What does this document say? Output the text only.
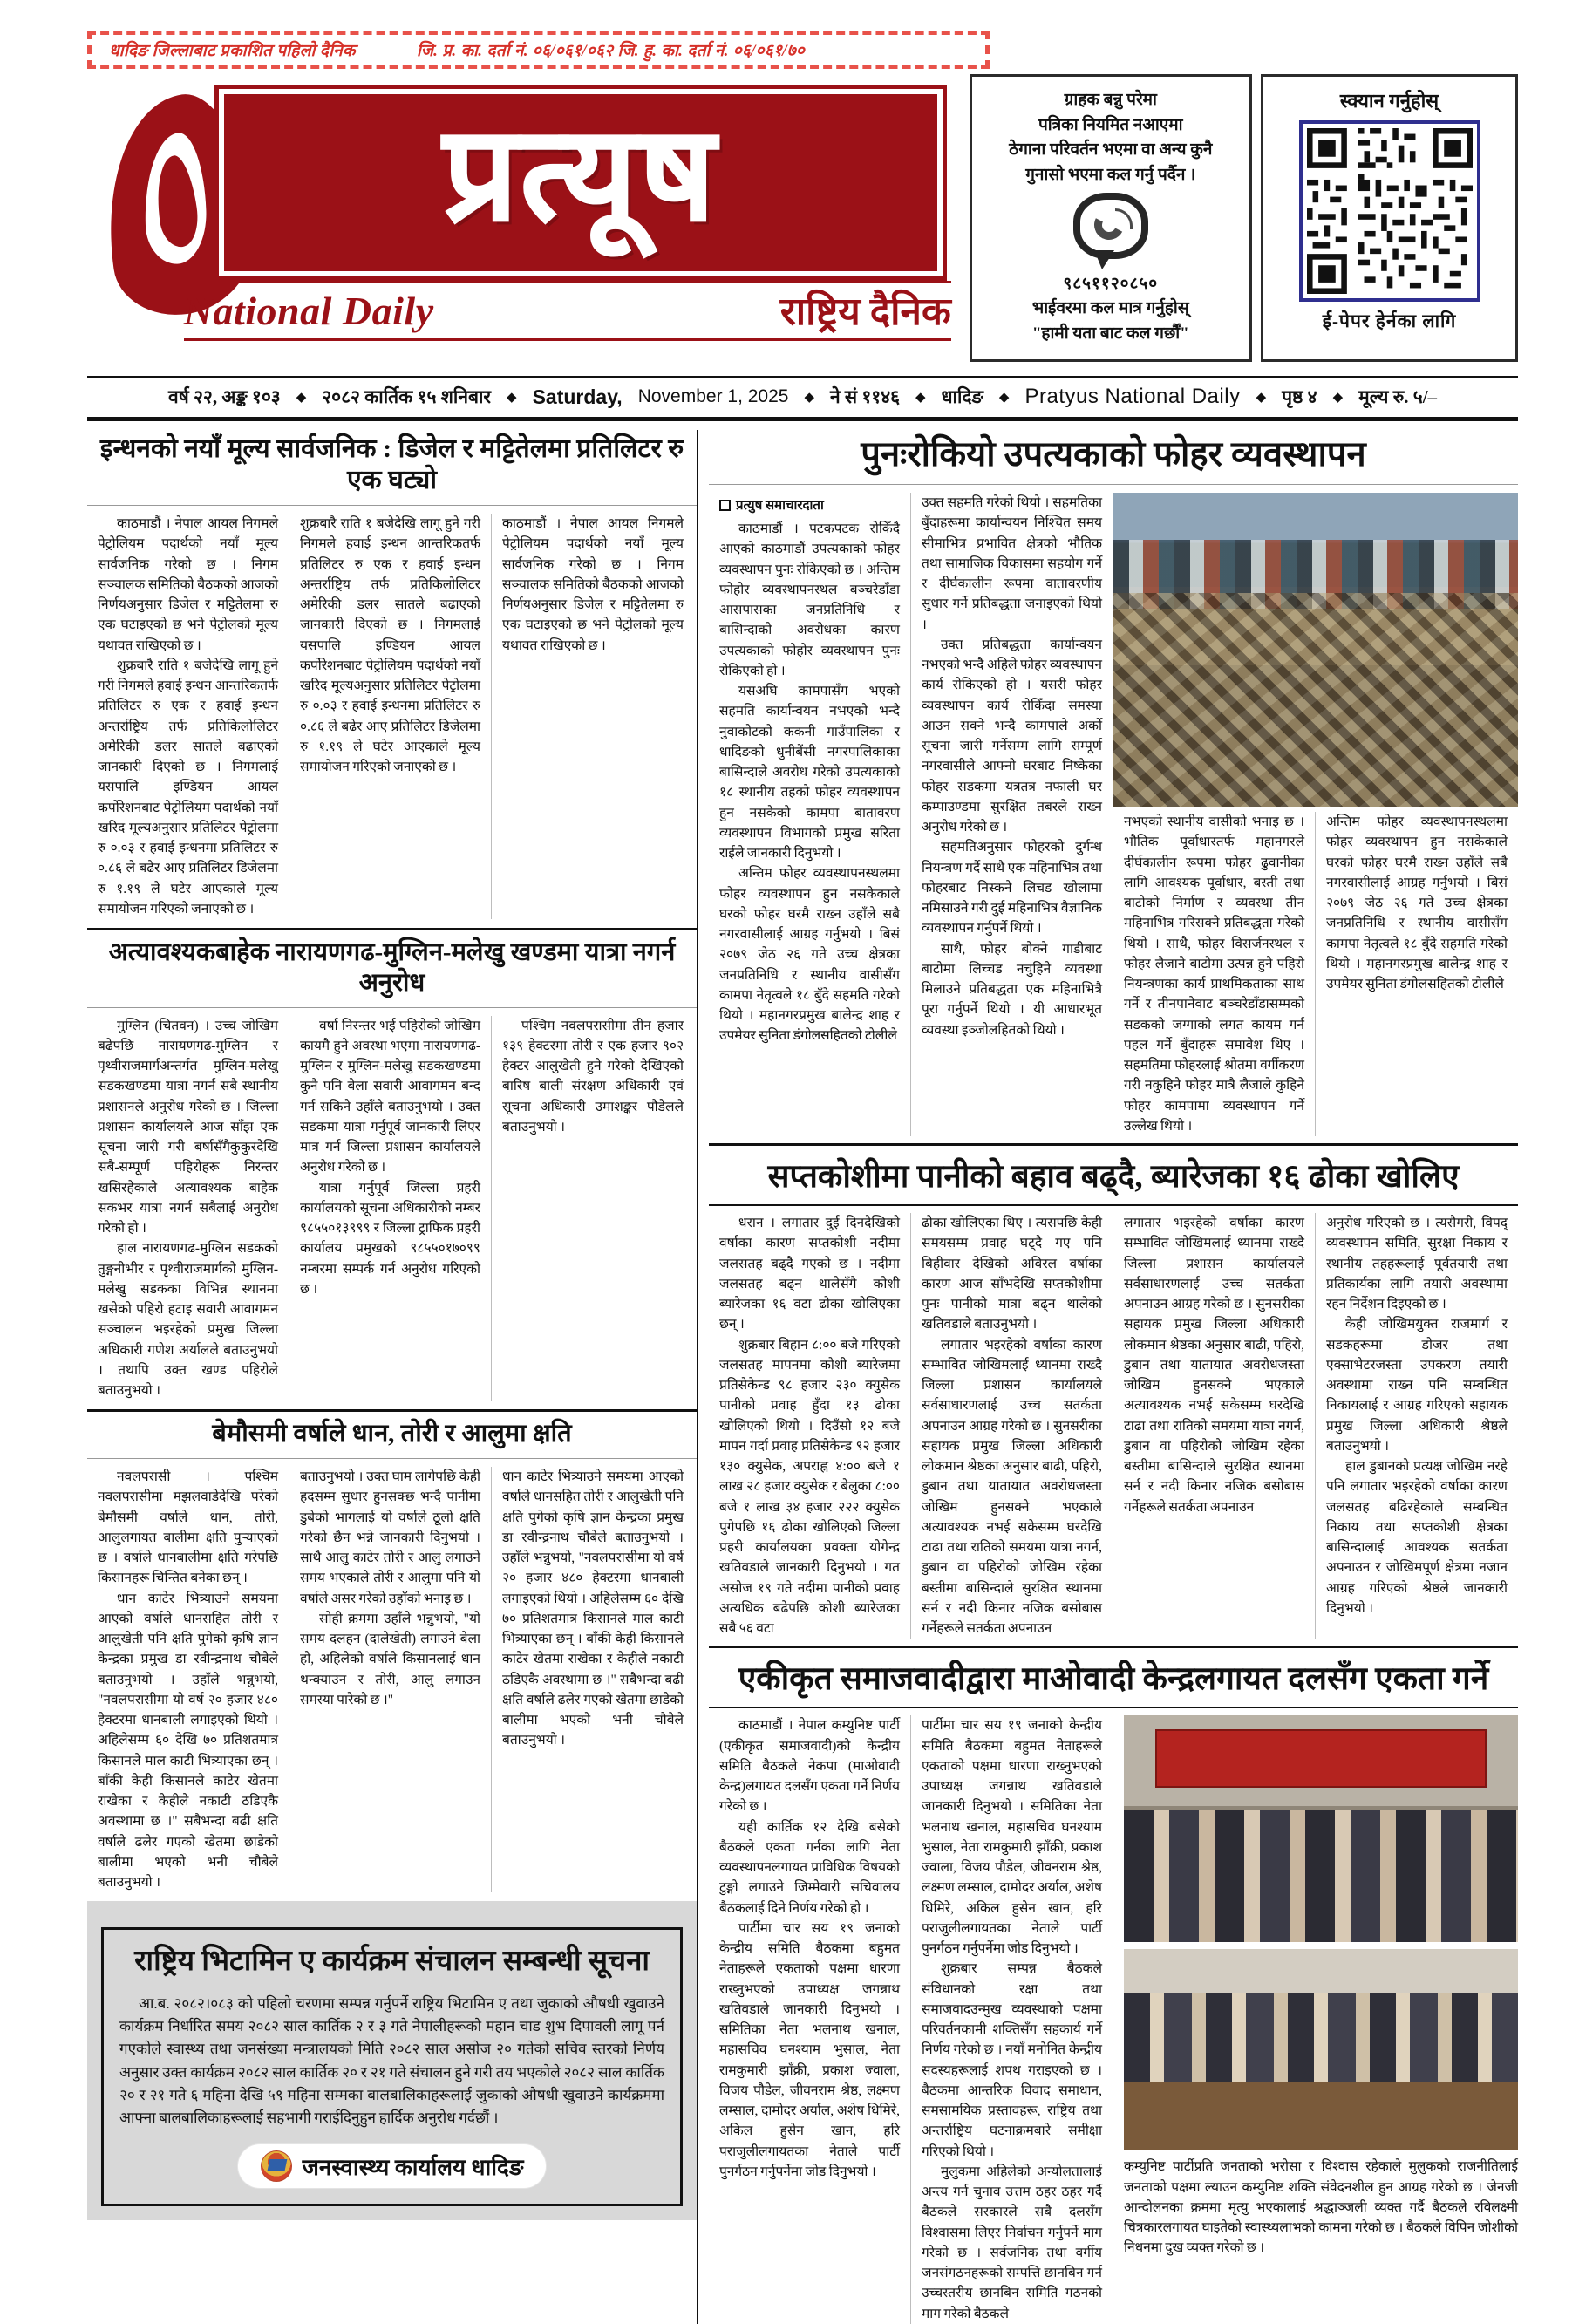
धादिङ जिल्लाबाट प्रकाशित पहिलो दैनिक	जि. प्र. का. दर्ता नं. ०६/०६१/०६२ जि. हु. का. दर्ता नं. ०६/०६१/७०
प्रत्यूष
National Daily	राष्ट्रिय दैनिक

ग्राहक बन्नु परेमा

पत्रिका नियमित नआएमा

ठेगाना परिवर्तन भएमा वा अन्य कुनै

गुनासो भएमा कल गर्नु पर्दैन ।

९८५११२०८५०

भाईवरमा कल मात्र गर्नुहोस्

"हामी यता बाट कल गर्छौं"

स्क्यान गर्नुहोस्
ई-पेपर हेर्नका लागि
वर्ष २२, अङ्क १०३ ◆ २०८२ कार्तिक १५ शनिबार ◆ Saturday, November 1, 2025 ◆ ने सं ११४६ ◆ धादिङ ◆ Pratyus National Daily ◆ पृष्ठ ४ ◆ मूल्य रु. ५/–
इन्धनको नयाँ मूल्य सार्वजनिक : डिजेल र मट्टितेलमा प्रतिलिटर रु एक घट्यो

काठमाडौं । नेपाल आयल निगमले पेट्रोलियम पदार्थको नयाँ मूल्य सार्वजनिक गरेको छ । निगम सञ्चालक समितिको बैठकको आजको निर्णयअनुसार डिजेल र मट्टितेलमा रु एक घटाइएको छ भने पेट्रोलको मूल्य यथावत राखिएको छ ।

शुक्रबारै राति १ बजेदेखि लागू हुने गरी निगमले हवाई इन्धन आन्तरिकतर्फ प्रतिलिटर रु एक र हवाई इन्धन अन्तर्राष्ट्रिय तर्फ प्रतिकिलोलिटर अमेरिकी डलर सातले बढाएको जानकारी दिएको छ । निगमलाई यसपालि इण्डियन आयल कर्पोरेशनबाट पेट्रोलियम पदार्थको नयाँ खरिद मूल्यअनुसार प्रतिलिटर पेट्रोलमा रु ०.०३ र हवाई इन्धनमा प्रतिलिटर रु ०.८६ ले बढेर आए प्रतिलिटर डिजेलमा रु १.१९ ले घटेर आएकाले मूल्य समायोजन गरिएको जनाएको छ ।

शुक्रबारै राति १ बजेदेखि लागू हुने गरी निगमले हवाई इन्धन आन्तरिकतर्फ प्रतिलिटर रु एक र हवाई इन्धन अन्तर्राष्ट्रिय तर्फ प्रतिकिलोलिटर अमेरिकी डलर सातले बढाएको जानकारी दिएको छ । निगमलाई यसपालि इण्डियन आयल कर्पोरेशनबाट पेट्रोलियम पदार्थको नयाँ खरिद मूल्यअनुसार प्रतिलिटर पेट्रोलमा रु ०.०३ र हवाई इन्धनमा प्रतिलिटर रु ०.८६ ले बढेर आए प्रतिलिटर डिजेलमा रु १.१९ ले घटेर आएकाले मूल्य समायोजन गरिएको जनाएको छ ।

काठमाडौं । नेपाल आयल निगमले पेट्रोलियम पदार्थको नयाँ मूल्य सार्वजनिक गरेको छ । निगम सञ्चालक समितिको बैठकको आजको निर्णयअनुसार डिजेल र मट्टितेलमा रु एक घटाइएको छ भने पेट्रोलको मूल्य यथावत राखिएको छ ।

अत्यावश्यकबाहेक नारायणगढ-मुग्लिन-मलेखु खण्डमा यात्रा नगर्न अनुरोध

मुग्लिन (चितवन) । उच्च जोखिम बढेपछि नारायणगढ-मुग्लिन र पृथ्वीराजमार्गअन्तर्गत मुग्लिन-मलेखु सडकखण्डमा यात्रा नगर्न सबै स्थानीय प्रशासनले अनुरोध गरेको छ । जिल्ला प्रशासन कार्यालयले आज साँझ एक सूचना जारी गरी बर्षासँगैकुकुरदेखि सबै-सम्पूर्ण पहिरोहरू निरन्तर खसिरहेकाले अत्यावश्यक बाहेक सकभर यात्रा नगर्न सबैलाई अनुरोध गरेको हो ।

हाल नारायणगढ-मुग्लिन सडकको तुङ्गनीभीर र पृथ्वीराजमार्गको मुग्लिन-मलेखु सडकका विभिन्न स्थानमा खसेको पहिरो हटाइ सवारी आवागमन सञ्चालन भइरहेको प्रमुख जिल्ला अधिकारी गणेश अर्यालले बताउनुभयो । तथापि उक्त खण्ड पहिरोले बताउनुभयो ।

वर्षा निरन्तर भई पहिरोको जोखिम कायमै हुने अवस्था भएमा नारायणगढ-मुग्लिन र मुग्लिन-मलेखु सडकखण्डमा कुनै पनि बेला सवारी आवागमन बन्द गर्न सकिने उहाँले बताउनुभयो । उक्त सडकमा यात्रा गर्नुपूर्व जानकारी लिएर मात्र गर्न जिल्ला प्रशासन कार्यालयले अनुरोध गरेको छ ।

यात्रा गर्नुपूर्व जिल्ला प्रहरी कार्यालयको सूचना अधिकारीको नम्बर ९८५५०१३९९९ र जिल्ला ट्राफिक प्रहरी कार्यालय प्रमुखको ९८५५०१७०९९ नम्बरमा सम्पर्क गर्न अनुरोध गरिएको छ ।

पश्चिम नवलपरासीमा तीन हजार १३९ हेक्टरमा तोरी र एक हजार ९०२ हेक्टर आलुखेती हुने गरेको देखिएको बारिष बाली संरक्षण अधिकारी एवं सूचना अधिकारी उमाशङ्कर पौडेलले बताउनुभयो ।

बेमौसमी वर्षाले धान, तोरी र आलुमा क्षति

नवलपरासी । पश्चिम नवलपरासीमा मझलवाडेदेखि परेको बेमौसमी वर्षाले धान, तोरी, आलुलगायत बालीमा क्षति पुऱ्याएको छ । वर्षाले धानबालीमा क्षति गरेपछि किसानहरू चिन्तित बनेका छन् ।

धान काटेर भित्र्याउने समयमा आएको वर्षाले धानसहित तोरी र आलुखेती पनि क्षति पुगेको कृषि ज्ञान केन्द्रका प्रमुख डा रवीन्द्रनाथ चौबेले बताउनुभयो । उहाँले भन्नुभयो, "नवलपरासीमा यो वर्ष २० हजार ४८० हेक्टरमा धानबाली लगाइएको थियो । अहिलेसम्म ६० देखि ७० प्रतिशतमात्र किसानले माल काटी भित्र्याएका छन् । बाँकी केही किसानले काटेर खेतमा राखेका र केहीले नकाटी ठडिएकै अवस्थामा छ ।" सबैभन्दा बढी क्षति वर्षाले ढलेर गएको खेतमा छाडेको बालीमा भएको भनी चौबेले बताउनुभयो ।

बताउनुभयो । उक्त घाम लागेपछि केही हदसम्म सुधार हुनसक्छ भन्दै पानीमा डुबेको भागलाई यो वर्षाले ठूलो क्षति गरेको छैन भन्ने जानकारी दिनुभयो । साथै आलु काटेर तोरी र आलु लगाउने समय भएकाले तोरी र आलुमा पनि यो वर्षाले असर गरेको उहाँको भनाइ छ ।

सोही क्रममा उहाँले भन्नुभयो, "यो समय दलहन (दालेखेती) लगाउने बेला हो, अहिलेको वर्षाले किसानलाई धान थन्क्याउन र तोरी, आलु लगाउन समस्या पारेको छ ।"

धान काटेर भित्र्याउने समयमा आएको वर्षाले धानसहित तोरी र आलुखेती पनि क्षति पुगेको कृषि ज्ञान केन्द्रका प्रमुख डा रवीन्द्रनाथ चौबेले बताउनुभयो । उहाँले भन्नुभयो, "नवलपरासीमा यो वर्ष २० हजार ४८० हेक्टरमा धानबाली लगाइएको थियो । अहिलेसम्म ६० देखि ७० प्रतिशतमात्र किसानले माल काटी भित्र्याएका छन् । बाँकी केही किसानले काटेर खेतमा राखेका र केहीले नकाटी ठडिएकै अवस्थामा छ ।" सबैभन्दा बढी क्षति वर्षाले ढलेर गएको खेतमा छाडेको बालीमा भएको भनी चौबेले बताउनुभयो ।

राष्ट्रिय भिटामिन ए कार्यक्रम संचालन सम्बन्धी सूचना

आ.ब. २०८२।०८३ को पहिलो चरणमा सम्पन्न गर्नुपर्ने राष्ट्रिय भिटामिन ए तथा जुकाको औषधी खुवाउने कार्यक्रम निर्धारित समय २०८२ साल कार्तिक २ र ३ गते नेपालीहरूको महान चाड शुभ दिपावली लागू पर्न गएकोले स्वास्थ्य तथा जनसंख्या मन्त्रालयको मिति २०८२ साल असोज २० गतेको सचिव स्तरको निर्णय अनुसार उक्त कार्यक्रम २०८२ साल कार्तिक २० र २१ गते संचालन हुने गरी तय भएकोले २०८२ साल कार्तिक २० र २१ गते ६ महिना देखि ५९ महिना सम्मका बालबालिकाहरूलाई जुकाको औषधी खुवाउने कार्यक्रममा आफ्ना बालबालिकाहरूलाई सहभागी गराईदिनुहुन हार्दिक अनुरोध गर्दछौं ।

जनस्वास्थ्य कार्यालय धादिङ
पुनःरोकियो उपत्यकाको फोहर व्यवस्थापन
प्रत्युष समाचारदाता

काठमाडौं । पटकपटक रोकिँदै आएको काठमाडौं उपत्यकाको फोहर व्यवस्थापन पुनः रोकिएको छ । अन्तिम फोहोर व्यवस्थापनस्थल बञ्चरेडाँडा आसपासका जनप्रतिनिधि र बासिन्दाको अवरोधका कारण उपत्यकाको फोहोर व्यवस्थापन पुनः रोकिएको हो ।

यसअघि कामपासँग भएको सहमति कार्यान्वयन नभएको भन्दै नुवाकोटको ककनी गाउँपालिका र धादिङको धुनीबेंसी नगरपालिकाका बासिन्दाले अवरोध गरेको उपत्यकाको १८ स्थानीय तहको फोहर व्यवस्थापन हुन नसकेको कामपा बातावरण व्यवस्थापन विभागको प्रमुख सरिता राईले जानकारी दिनुभयो ।

अन्तिम फोहर व्यवस्थापनस्थलमा फोहर व्यवस्थापन हुन नसकेकाले घरको फोहर घरमै राख्न उहाँले सबै नगरवासीलाई आग्रह गर्नुभयो । बिसं २०७९ जेठ २६ गते उच्च क्षेत्रका जनप्रतिनिधि र स्थानीय वासीसँग कामपा नेतृत्वले १८ बुँदे सहमति गरेको थियो । महानगरप्रमुख बालेन्द्र शाह र उपमेयर सुनिता डंगोलसहितको टोलीले

उक्त सहमति गरेको थियो । सहमतिका बुँदाहरूमा कार्यान्वयन निश्चित समय सीमाभित्र प्रभावित क्षेत्रको भौतिक तथा सामाजिक विकासमा सहयोग गर्ने र दीर्घकालीन रूपमा वातावरणीय सुधार गर्ने प्रतिबद्धता जनाइएको थियो ।

उक्त प्रतिबद्धता कार्यान्वयन नभएको भन्दै अहिले फोहर व्यवस्थापन कार्य रोकिएको हो । यसरी फोहर व्यवस्थापन कार्य रोकिँदा समस्या आउन सक्ने भन्दै कामपाले अर्को सूचना जारी गर्नेसम्म लागि सम्पूर्ण नगरवासीले आफ्नो घरबाट निष्केका फोहर सडकमा यत्रतत्र नफाली घर कम्पाउण्डमा सुरक्षित तबरले राख्न अनुरोध गरेको छ ।

सहमतिअनुसार फोहरको दुर्गन्ध नियन्त्रण गर्दै साथै एक महिनाभित्र तथा फोहरबाट निस्कने लिचड खोलामा नमिसाउने गरी दुई महिनाभित्र वैज्ञानिक व्यवस्थापन गर्नुपर्ने थियो ।

साथै, फोहर बोक्ने गाडीबाट बाटोमा लिच्चड नचुहिने व्यवस्था मिलाउने प्रतिबद्धता एक महिनाभित्रै पूरा गर्नुपर्ने थियो । यी आधारभूत व्यवस्था इञ्जोलहितको थियो ।

नभएको स्थानीय वासीको भनाइ छ । भौतिक पूर्वाधारतर्फ महानगरले दीर्घकालीन रूपमा फोहर ढुवानीका लागि आवश्यक पूर्वाधार, बस्ती तथा बाटोको निर्माण र व्यवस्था तीन महिनाभित्र गरिसक्ने प्रतिबद्धता गरेको थियो । साथै, फोहर विसर्जनस्थल र फोहर लैजाने बाटोमा उत्पन्न हुने पहिरो नियन्त्रणका कार्य प्राथमिकताका साथ गर्ने र तीनपानेवाट बञ्चरेडाँडासम्मको सडकको जग्गाको लगत कायम गर्न पहल गर्ने बुँदाहरू समावेश थिए । सहमतिमा फोहरलाई श्रोतमा वर्गीकरण गरी नकुहिने फोहर मात्रै लैजाले कुहिने फोहर कामपामा व्यवस्थापन गर्ने उल्लेख थियो ।

अन्तिम फोहर व्यवस्थापनस्थलमा फोहर व्यवस्थापन हुन नसकेकाले घरको फोहर घरमै राख्न उहाँले सबै नगरवासीलाई आग्रह गर्नुभयो । बिसं २०७९ जेठ २६ गते उच्च क्षेत्रका जनप्रतिनिधि र स्थानीय वासीसँग कामपा नेतृत्वले १८ बुँदे सहमति गरेको थियो । महानगरप्रमुख बालेन्द्र शाह र उपमेयर सुनिता डंगोलसहितको टोलीले

सप्तकोशीमा पानीको बहाव बढ्दै, ब्यारेजका १६ ढोका खोलिए

धरान । लगातार दुई दिनदेखिको वर्षाका कारण सप्तकोशी नदीमा जलसतह बढ्दै गएको छ । नदीमा जलसतह बढ्न थालेसँगै कोशी ब्यारेजका १६ वटा ढोका खोलिएका छन् ।

शुक्रबार बिहान ८:०० बजे गरिएको जलसतह मापनमा कोशी ब्यारेजमा प्रतिसेकेन्ड ९८ हजार २३० क्युसेक पानीको प्रवाह हुँदा १३ ढोका खोलिएको थियो । दिउँसो १२ बजे मापन गर्दा प्रवाह प्रतिसेकेन्ड ९२ हजार १३० क्युसेक, अपराह्न ४:०० बजे १ लाख २८ हजार क्युसेक र बेलुका ८:०० बजे १ लाख ३४ हजार २२२ क्युसेक पुगेपछि १६ ढोका खोलिएको जिल्ला प्रहरी कार्यालयका प्रवक्ता योगेन्द्र खतिवडाले जानकारी दिनुभयो । गत असोज १९ गते नदीमा पानीको प्रवाह अत्यधिक बढेपछि कोशी ब्यारेजका सबै ५६ वटा

ढोका खोलिएका थिए । त्यसपछि केही समयसम्म प्रवाह घट्दै गए पनि बिहीवार देखिको अविरल वर्षाका कारण आज साँभदेखि सप्तकोशीमा पुनः पानीको मात्रा बढ्न थालेको खतिवडाले बताउनुभयो ।

लगातार भइरहेको वर्षाका कारण सम्भावित जोखिमलाई ध्यानमा राख्दै जिल्ला प्रशासन कार्यालयले सर्वसाधारणलाई उच्च सतर्कता अपनाउन आग्रह गरेको छ । सुनसरीका सहायक प्रमुख जिल्ला अधिकारी लोकमान श्रेष्ठका अनुसार बाढी, पहिरो, डुबान तथा यातायात अवरोधजस्ता जोखिम हुनसक्ने भएकाले अत्यावश्यक नभई सकेसम्म घरदेखि टाढा तथा रातिको समयमा यात्रा नगर्न, डुबान वा पहिरोको जोखिम रहेका बस्तीमा बासिन्दाले सुरक्षित स्थानमा सर्न र नदी किनार नजिक बसोबास गर्नेहरूले सतर्कता अपनाउन

लगातार भइरहेको वर्षाका कारण सम्भावित जोखिमलाई ध्यानमा राख्दै जिल्ला प्रशासन कार्यालयले सर्वसाधारणलाई उच्च सतर्कता अपनाउन आग्रह गरेको छ । सुनसरीका सहायक प्रमुख जिल्ला अधिकारी लोकमान श्रेष्ठका अनुसार बाढी, पहिरो, डुबान तथा यातायात अवरोधजस्ता जोखिम हुनसक्ने भएकाले अत्यावश्यक नभई सकेसम्म घरदेखि टाढा तथा रातिको समयमा यात्रा नगर्न, डुबान वा पहिरोको जोखिम रहेका बस्तीमा बासिन्दाले सुरक्षित स्थानमा सर्न र नदी किनार नजिक बसोबास गर्नेहरूले सतर्कता अपनाउन

अनुरोध गरिएको छ । त्यसैगरी, विपद् व्यवस्थापन समिति, सुरक्षा निकाय र स्थानीय तहहरूलाई पूर्वतयारी तथा प्रतिकार्यका लागि तयारी अवस्थामा रहन निर्देशन दिइएको छ ।

केही जोखिमयुक्त राजमार्ग र सडकहरूमा डोजर तथा एक्साभेटरजस्ता उपकरण तयारी अवस्थामा राख्न पनि सम्बन्धित निकायलाई र आग्रह गरिएको सहायक प्रमुख जिल्ला अधिकारी श्रेष्ठले बताउनुभयो ।

हाल डुबानको प्रत्यक्ष जोखिम नरहे पनि लगातार भइरहेको वर्षाका कारण जलसतह बढिरहेकाले सम्बन्धित निकाय तथा सप्तकोशी क्षेत्रका बासिन्दालाई आवश्यक सतर्कता अपनाउन र जोखिमपूर्ण क्षेत्रमा नजान आग्रह गरिएको श्रेष्ठले जानकारी दिनुभयो ।

एकीकृत समाजवादीद्वारा माओवादी केन्द्रलगायत दलसँग एकता गर्ने

काठमाडौं । नेपाल कम्युनिष्ट पार्टी (एकीकृत समाजवादी)को केन्द्रीय समिति बैठकले नेकपा (माओवादी केन्द्र)लगायत दलसँग एकता गर्ने निर्णय गरेको छ ।

यही कार्तिक १२ देखि बसेको बैठकले एकता गर्नका लागि नेता व्यवस्थापनलगायत प्राविधिक विषयको टुङ्गो लगाउने जिम्मेवारी सचिवालय बैठकलाई दिने निर्णय गरेको हो ।

पार्टीमा चार सय १९ जनाको केन्द्रीय समिति बैठकमा बहुमत नेताहरूले एकताको पक्षमा धारणा राख्नुभएको उपाध्यक्ष जगन्नाथ खतिवडाले जानकारी दिनुभयो । समितिका नेता भलनाथ खनाल, महासचिव घनश्याम भुसाल, नेता रामकुमारी झाँक्री, प्रकाश ज्वाला, विजय पौडेल, जीवनराम श्रेष्ठ, लक्ष्मण लम्साल, दामोदर अर्याल, अशेष धिमिरे, अकिल हुसेन खान, हरि पराजुलीलगायतका नेताले पार्टी पुनर्गठन गर्नुपर्नेमा जोड दिनुभयो ।

पार्टीमा चार सय १९ जनाको केन्द्रीय समिति बैठकमा बहुमत नेताहरूले एकताको पक्षमा धारणा राख्नुभएको उपाध्यक्ष जगन्नाथ खतिवडाले जानकारी दिनुभयो । समितिका नेता भलनाथ खनाल, महासचिव घनश्याम भुसाल, नेता रामकुमारी झाँक्री, प्रकाश ज्वाला, विजय पौडेल, जीवनराम श्रेष्ठ, लक्ष्मण लम्साल, दामोदर अर्याल, अशेष धिमिरे, अकिल हुसेन खान, हरि पराजुलीलगायतका नेताले पार्टी पुनर्गठन गर्नुपर्नेमा जोड दिनुभयो ।

शुक्रबार सम्पन्न बैठकले संविधानको रक्षा तथा समाजवादउन्मुख व्यवस्थाको पक्षमा परिवर्तनकामी शक्तिसँग सहकार्य गर्ने निर्णय गरेको छ । नयाँ मनोनित केन्द्रीय सदस्यहरूलाई शपथ गराइएको छ । बैठकमा आन्तरिक विवाद समाधान, समसामयिक प्रस्तावहरू, राष्ट्रिय तथा अन्तर्राष्ट्रिय घटनाक्रमबारे समीक्षा गरिएको थियो ।

मुलुकमा अहिलेको अन्योलतालाई अन्त्य गर्न चुनाव उत्तम ठहर ठहर गर्दै बैठकले सरकारले सबै दलसँग विश्वासमा लिएर निर्वाचन गर्नुपर्ने माग गरेको छ । सर्वजनिक तथा वर्गीय जनसंगठनहरूको सम्पत्ति छानबिन गर्न उच्चस्तरीय छानबिन समिति गठनको माग गरेको बैठकले

कम्युनिष्ट पार्टीप्रति जनताको भरोसा र विश्वास रहेकाले मुलुकको राजनीतिलाई जनताको पक्षमा ल्याउन कम्युनिष्ट शक्ति संवेदनशील हुन आग्रह गरेको छ । जेनजी आन्दोलनका क्रममा मृत्यु भएकालाई श्रद्धाञ्जली व्यक्त गर्दै बैठकले रविलक्ष्मी चित्रकारलगायत घाइतेको स्वास्थ्यलाभको कामना गरेको छ । बैठकले विपिन जोशीको निधनमा दुख व्यक्त गरेको छ ।
